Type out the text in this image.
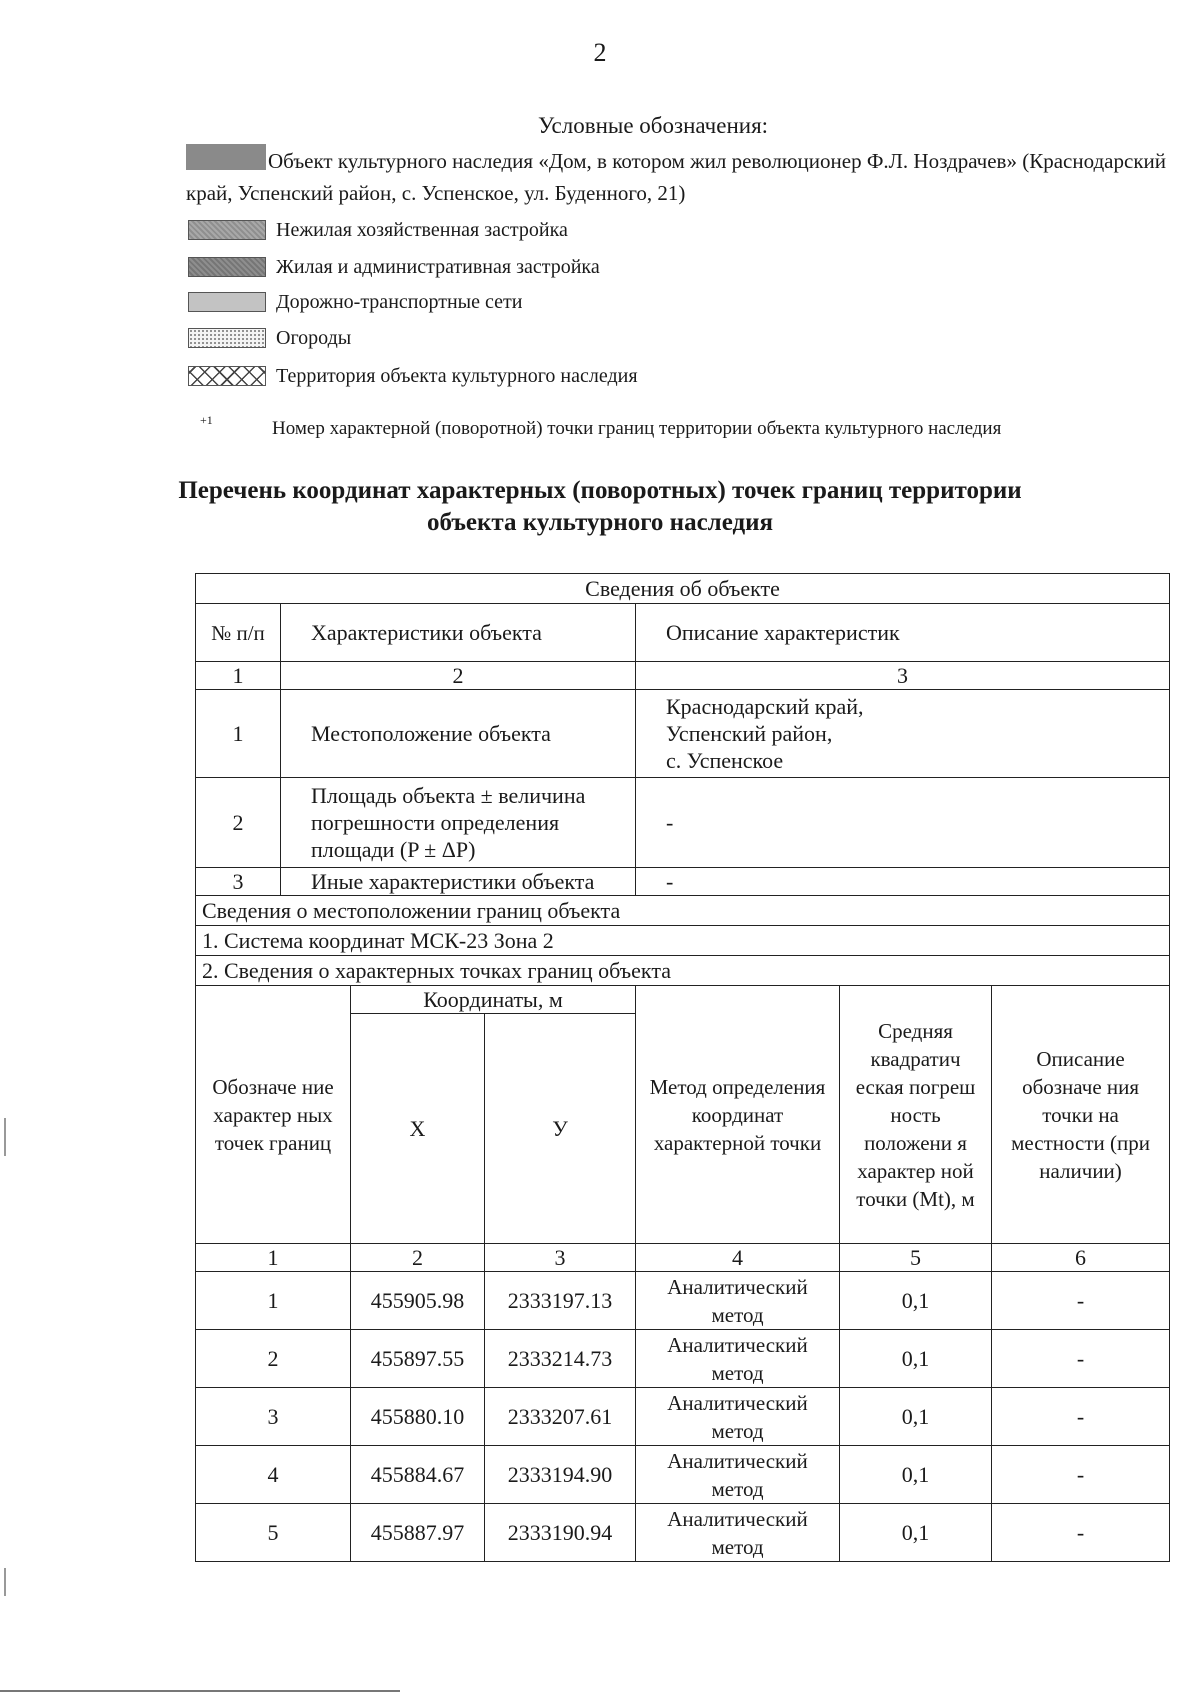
2
Условные обозначения:
Объект культурного наследия «Дом, в котором жил революционер Ф.Л. Ноздрачев» (Краснодарский край, Успенский район, с. Успенское, ул. Буденного, 21)
Нежилая хозяйственная застройка
Жилая и административная застройка
Дорожно-транспортные сети
Огороды
Территория объекта культурного наследия
+1	Номер характерной (поворотной) точки границ территории объекта культурного наследия
Перечень координат характерных (поворотных) точек границ территории
объекта культурного наследия
Сведения об объекте						
№ п/п	Характеристики объекта			Описание характеристик		
1	2			3		
1	Местоположение объекта			Краснодарский край,
Успенский район,
с. Успенское		

2	Площадь объекта ± величина погрешности определения площади (P ± ΔP)			-		
3	Иные характеристики объекта			-		
Сведения о местоположении границ объекта						
1. Система координат МСК-23 Зона 2						
2. Сведения о характерных точках границ объекта						
Обозначе ние характер ных точек границ		Координаты, м		Метод определения координат характерной точки	Средняя квадратич еская погреш ность положени я характер ной точки (Mt), м	Описание обозначе ния точки на местности (при наличии)
		X	У			
1		2	3	4	5	6
1		455905.98	2333197.13	Аналитический метод	0,1	-
2		455897.55	2333214.73	Аналитический метод	0,1	-
3		455880.10	2333207.61	Аналитический метод	0,1	-
4		455884.67	2333194.90	Аналитический метод	0,1	-
5		455887.97	2333190.94	Аналитический метод	0,1	-
